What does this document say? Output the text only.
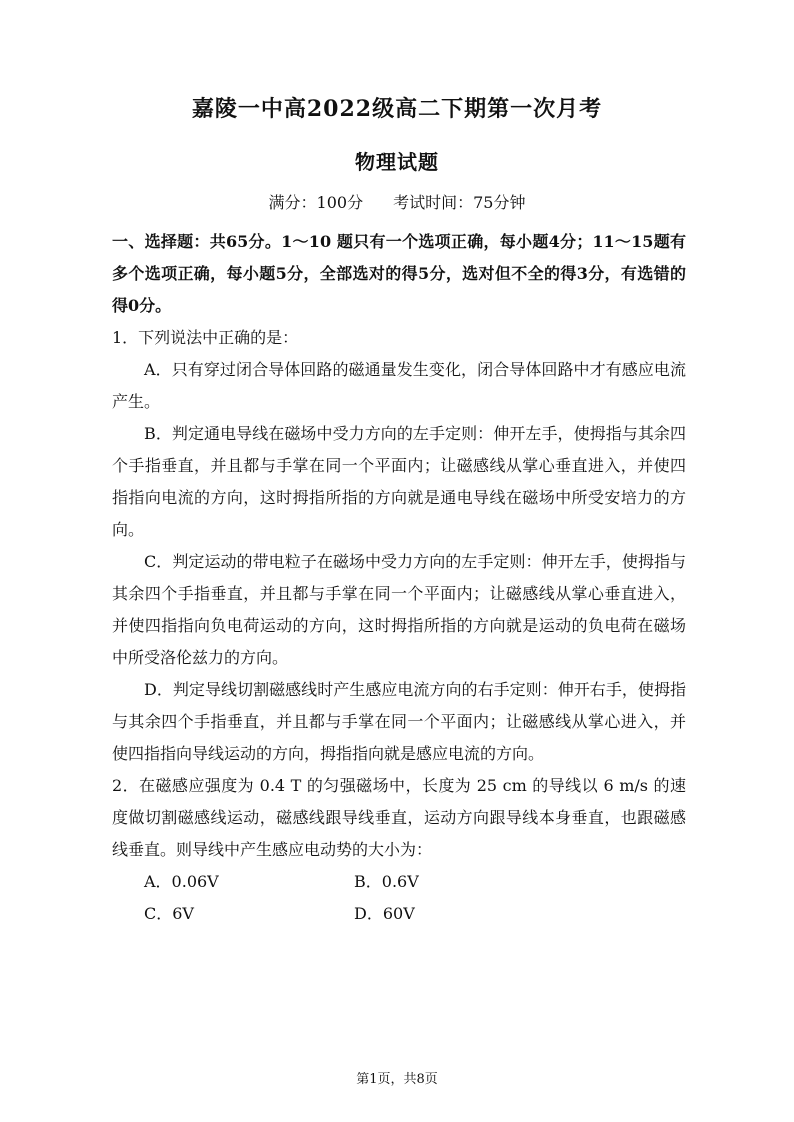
嘉陵一中高2022级高二下期第一次月考
物理试题
满分：100分 考试时间：75分钟

一、选择题：共65分。1～10 题只有一个选项正确，每小题4分；11～15题有多个选项正确，每小题5分，全部选对的得5分，选对但不全的得3分，有选错的得0分。

1．下列说法中正确的是：

A．只有穿过闭合导体回路的磁通量发生变化，闭合导体回路中才有感应电流产生。

B．判定通电导线在磁场中受力方向的左手定则：伸开左手，使拇指与其余四个手指垂直，并且都与手掌在同一个平面内；让磁感线从掌心垂直进入，并使四指指向电流的方向，这时拇指所指的方向就是通电导线在磁场中所受安培力的方向。

C．判定运动的带电粒子在磁场中受力方向的左手定则：伸开左手，使拇指与其余四个手指垂直，并且都与手掌在同一个平面内；让磁感线从掌心垂直进入，并使四指指向负电荷运动的方向，这时拇指所指的方向就是运动的负电荷在磁场中所受洛伦兹力的方向。

D．判定导线切割磁感线时产生感应电流方向的右手定则：伸开右手，使拇指与其余四个手指垂直，并且都与手掌在同一个平面内；让磁感线从掌心进入，并使四指指向导线运动的方向，拇指指向就是感应电流的方向。

2．在磁感应强度为 0.4 T 的匀强磁场中，长度为 25 cm 的导线以 6 m/s 的速度做切割磁感线运动，磁感线跟导线垂直，运动方向跟导线本身垂直，也跟磁感线垂直。则导线中产生感应电动势的大小为：

A．0.06V	B．0.6V
C．6V	D．60V
第1页，共8页
